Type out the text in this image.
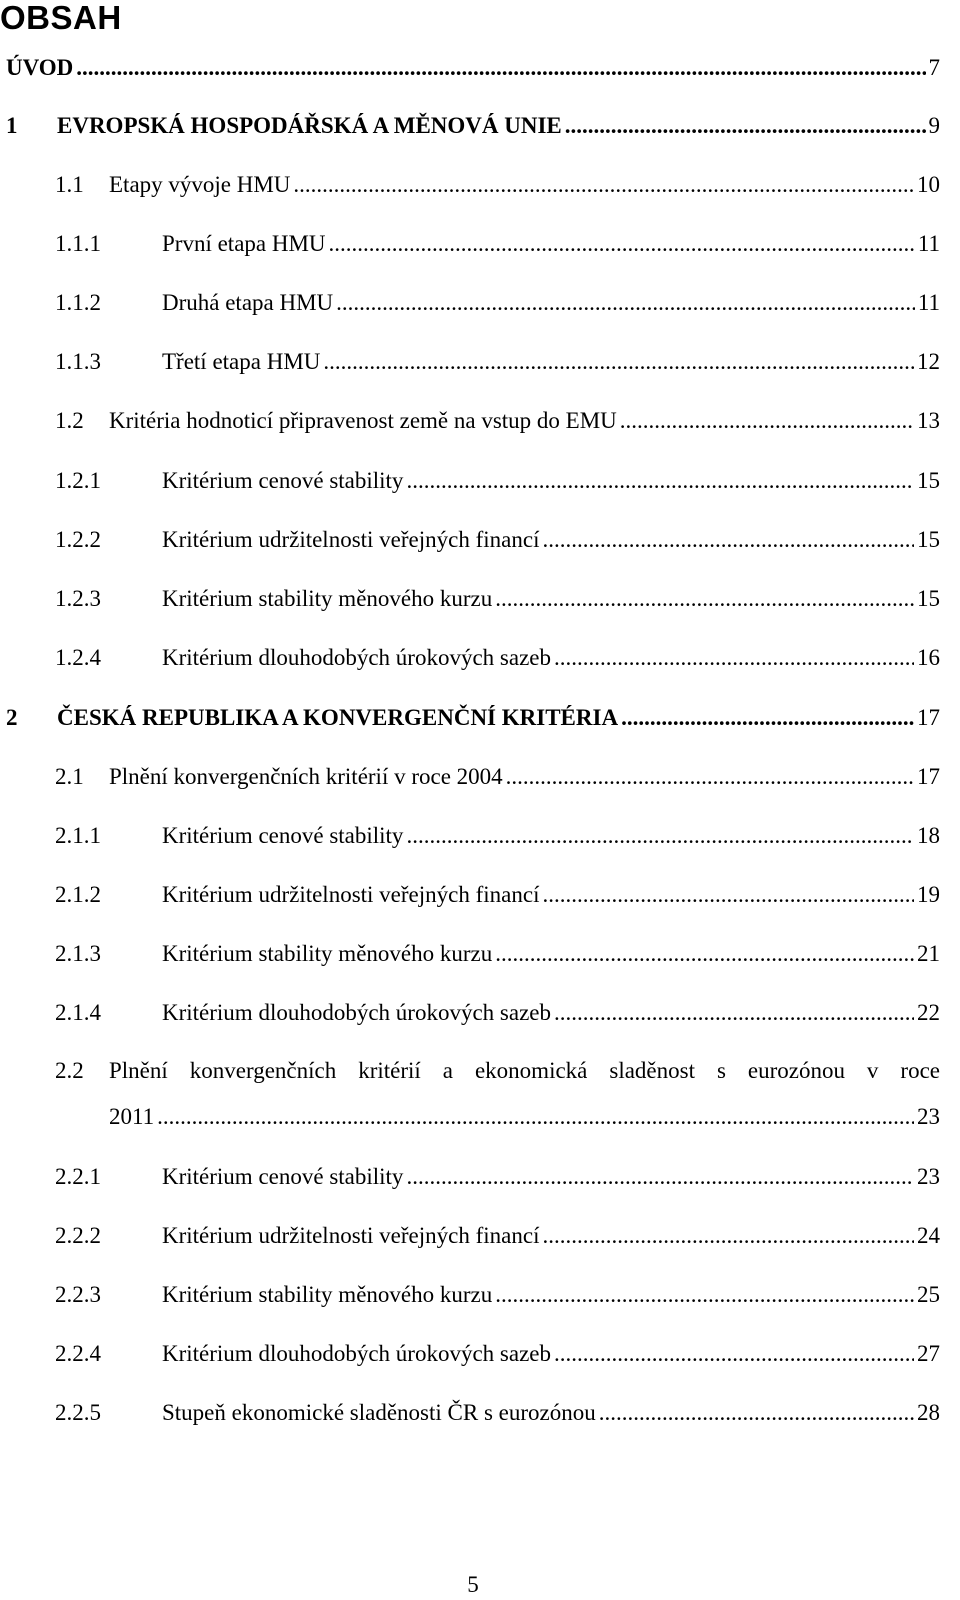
OBSAH
ÚVOD .....	7
1 EVROPSKÁ HOSPODÁŘSKÁ A MĚNOVÁ UNIE .....	9
1.1 Etapy vývoje HMU .....	10
1.1.1	První etapa HMU .....	11
1.1.2	Druhá etapa HMU .....	11
1.1.3	Třetí etapa HMU .....	12
1.2 Kritéria hodnoticí připravenost země na vstup do EMU .....	13
1.2.1	Kritérium cenové stability .....	15
1.2.2	Kritérium udržitelnosti veřejných financí .....	15
1.2.3	Kritérium stability měnového kurzu .....	15
1.2.4	Kritérium dlouhodobých úrokových sazeb .....	16
2 ČESKÁ REPUBLIKA A KONVERGENČNÍ KRITÉRIA .....	17
2.1 Plnění konvergenčních kritérií v roce 2004 .....	17
2.1.1	Kritérium cenové stability .....	18
2.1.2	Kritérium udržitelnosti veřejných financí .....	19
2.1.3	Kritérium stability měnového kurzu .....	21
2.1.4	Kritérium dlouhodobých úrokových sazeb .....	22
2.2 Plnění konvergenčních kritérií a ekonomická sladěnost s eurozónou v roce
2011 .....	23
2.2.1	Kritérium cenové stability .....	23
2.2.2	Kritérium udržitelnosti veřejných financí .....	24
2.2.3	Kritérium stability měnového kurzu .....	25
2.2.4	Kritérium dlouhodobých úrokových sazeb .....	27
2.2.5	Stupeň ekonomické sladěnosti ČR s eurozónou .....	28
5
